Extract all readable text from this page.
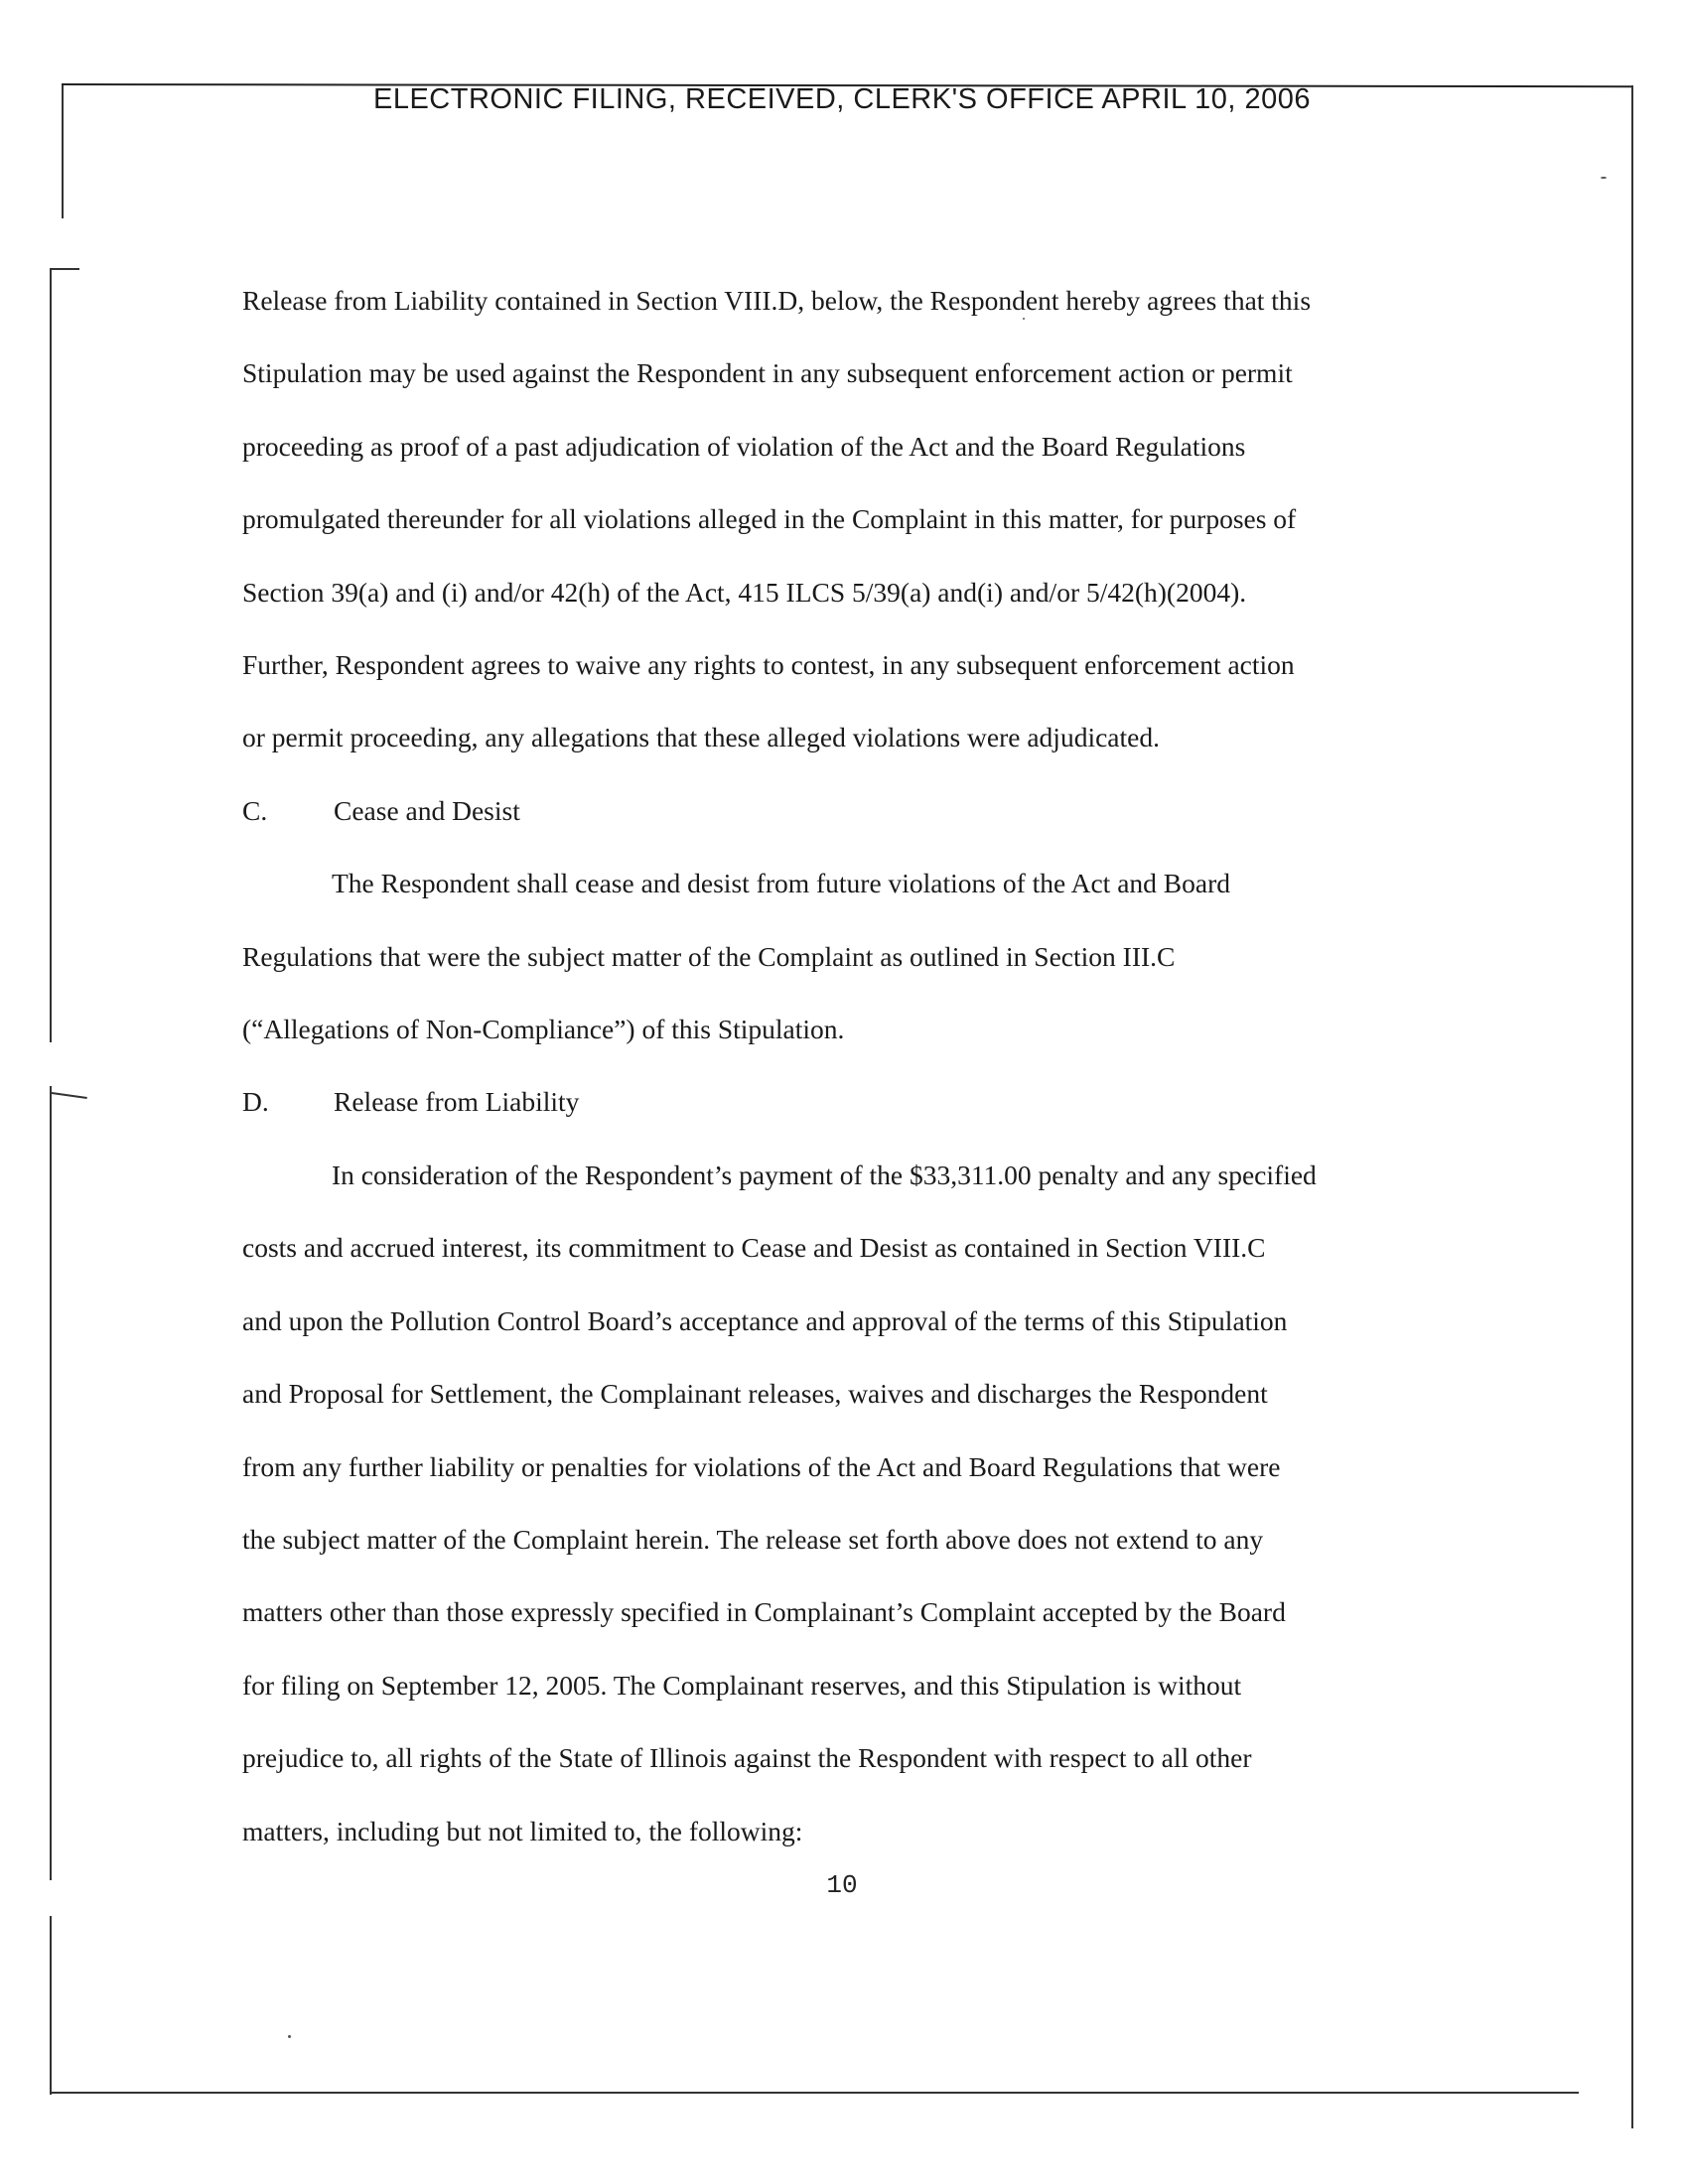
ELECTRONIC FILING, RECEIVED, CLERK'S OFFICE APRIL 10, 2006
Release from Liability contained in Section VIII.D, below, the Respondent hereby agrees that this
Stipulation may be used against the Respondent in any subsequent enforcement action or permit
proceeding as proof of a past adjudication of violation of the Act and the Board Regulations
promulgated thereunder for all violations alleged in the Complaint in this matter, for purposes of
Section 39(a) and (i) and/or 42(h) of the Act, 415 ILCS 5/39(a) and(i) and/or 5/42(h)(2004).
Further, Respondent agrees to waive any rights to contest, in any subsequent enforcement action
or permit proceeding, any allegations that these alleged violations were adjudicated.
C. Cease and Desist
The Respondent shall cease and desist from future violations of the Act and Board
Regulations that were the subject matter of the Complaint as outlined in Section III.C
(“Allegations of Non-Compliance”) of this Stipulation.
D. Release from Liability
In consideration of the Respondent’s payment of the $33,311.00 penalty and any specified
costs and accrued interest, its commitment to Cease and Desist as contained in Section VIII.C
and upon the Pollution Control Board’s acceptance and approval of the terms of this Stipulation
and Proposal for Settlement, the Complainant releases, waives and discharges the Respondent
from any further liability or penalties for violations of the Act and Board Regulations that were
the subject matter of the Complaint herein. The release set forth above does not extend to any
matters other than those expressly specified in Complainant’s Complaint accepted by the Board
for filing on September 12, 2005. The Complainant reserves, and this Stipulation is without
prejudice to, all rights of the State of Illinois against the Respondent with respect to all other
matters, including but not limited to, the following:
10
